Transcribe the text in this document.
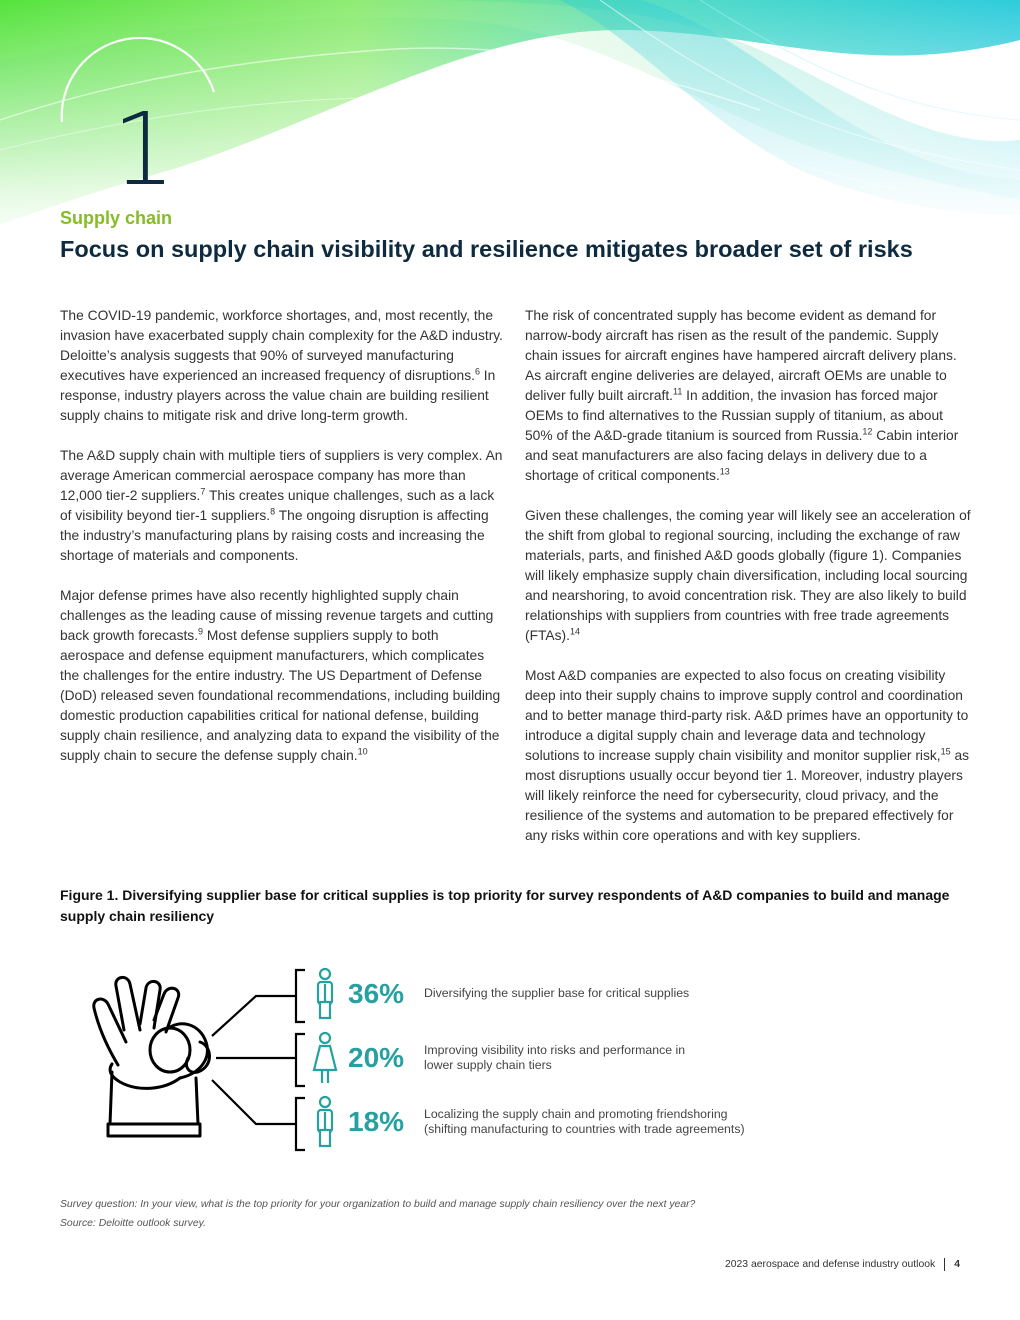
1
Supply chain
Focus on supply chain visibility and resilience mitigates broader set of risks

The COVID-19 pandemic, workforce shortages, and, most recently, the invasion have exacerbated supply chain complexity for the A&D industry. Deloitte’s analysis suggests that 90% of surveyed manufacturing executives have experienced an increased frequency of disruptions.$^6$ In response, industry players across the value chain are building resilient supply chains to mitigate risk and drive long-term growth.

The A&D supply chain with multiple tiers of suppliers is very complex. An average American commercial aerospace company has more than 12,000 tier-2 suppliers.$^7$ This creates unique challenges, such as a lack of visibility beyond tier-1 suppliers.$^8$ The ongoing disruption is affecting the industry’s manufacturing plans by raising costs and increasing the shortage of materials and components.

Major defense primes have also recently highlighted supply chain challenges as the leading cause of missing revenue targets and cutting back growth forecasts.$^9$ Most defense suppliers supply to both aerospace and defense equipment manufacturers, which complicates the challenges for the entire industry. The US Department of Defense (DoD) released seven foundational recommendations, including building domestic production capabilities critical for national defense, building supply chain resilience, and analyzing data to expand the visibility of the supply chain to secure the defense supply chain.$^{10}$

The risk of concentrated supply has become evident as demand for narrow-body aircraft has risen as the result of the pandemic. Supply chain issues for aircraft engines have hampered aircraft delivery plans. As aircraft engine deliveries are delayed, aircraft OEMs are unable to deliver fully built aircraft.$^{11}$ In addition, the invasion has forced major OEMs to find alternatives to the Russian supply of titanium, as about 50% of the A&D-grade titanium is sourced from Russia.$^{12}$ Cabin interior and seat manufacturers are also facing delays in delivery due to a shortage of critical components.$^{13}$

Given these challenges, the coming year will likely see an acceleration of the shift from global to regional sourcing, including the exchange of raw materials, parts, and finished A&D goods globally (figure 1). Companies will likely emphasize supply chain diversification, including local sourcing and nearshoring, to avoid concentration risk. They are also likely to build relationships with suppliers from countries with free trade agreements (FTAs).$^{14}$

Most A&D companies are expected to also focus on creating visibility deep into their supply chains to improve supply control and coordination and to better manage third-party risk. A&D primes have an opportunity to introduce a digital supply chain and leverage data and technology solutions to increase supply chain visibility and monitor supplier risk,$^{15}$ as most disruptions usually occur beyond tier 1. Moreover, industry players will likely reinforce the need for cybersecurity, cloud privacy, and the resilience of the systems and automation to be prepared effectively for any risks within core operations and with key suppliers.

Figure 1. Diversifying supplier base for critical supplies is top priority for survey respondents of A&D companies to build and manage supply chain resiliency
36% Diversifying the supplier base for critical supplies
20% Improving visibility into risks and performance in
lower supply chain tiers
18% Localizing the supply chain and promoting friendshoring
(shifting manufacturing to countries with trade agreements)
Survey question: In your view, what is the top priority for your organization to build and manage supply chain resiliency over the next year?
Source: Deloitte outlook survey.
2023 aerospace and defense industry outlook 4
